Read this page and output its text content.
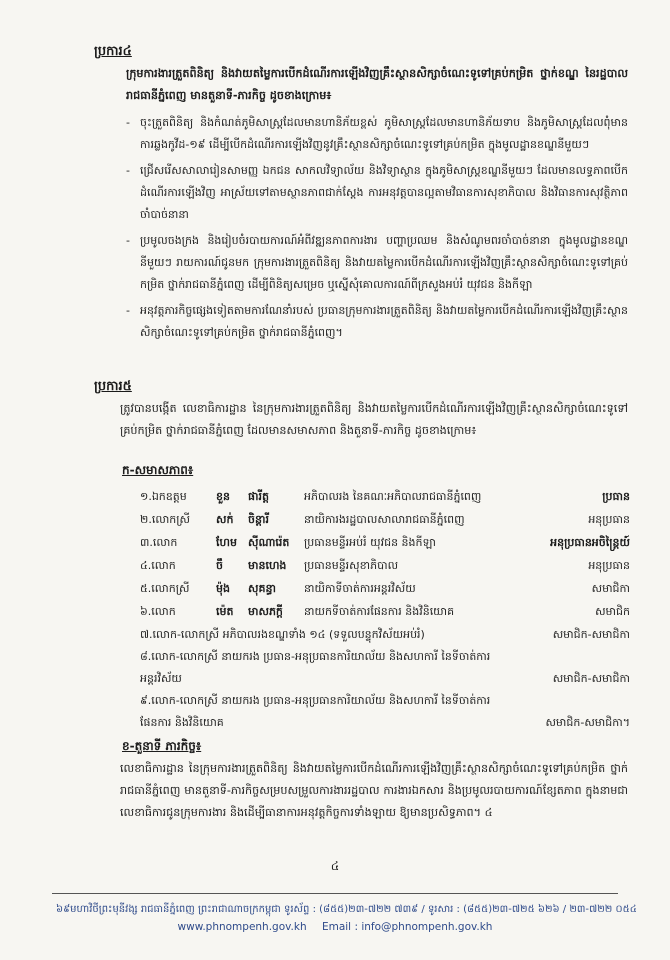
ប្រការ៤
ក្រុមការងារត្រួតពិនិត្យ និងវាយតម្លៃការបើកដំណើរការឡើងវិញគ្រឹះស្ថានសិក្សាចំណេះទូទៅគ្រប់កម្រិត ថ្នាក់ខណ្ឌ នៃរដ្ឋបាលរាជធានីភ្នំពេញ មានតួនាទី-ភារកិច្ច ដូចខាងក្រោម៖
- ចុះត្រួតពិនិត្យ និងកំណត់ភូមិសាស្ត្រដែលមានហានិភ័យខ្ពស់ ភូមិសាស្ត្រដែលមានហានិភ័យទាប និងភូមិសាស្ត្រដែលពុំមានការឆ្លងកូវីដ-១៩ ដើម្បីបើកដំណើរការឡើងវិញនូវគ្រឹះស្ថានសិក្សាចំណេះទូទៅគ្រប់កម្រិត ក្នុងមូលដ្ឋានខណ្ឌនីមួយៗ
- ជ្រើសរើសសាលារៀនសាមញ្ញ ឯកជន សាកលវិទ្យាល័យ និងវិទ្យាស្ថាន ក្នុងភូមិសាស្ត្រខណ្ឌនីមួយៗ ដែលមានលទ្ធភាពបើកដំណើរការឡើងវិញ អាស្រ័យទៅតាមស្ថានភាពជាក់ស្តែង ការអនុវត្តបានល្អតាមវិធានការសុខាភិបាល និងវិធានការសុវត្ថិភាពចាំបាច់នានា
- ប្រមូលចងក្រង និងរៀបចំរបាយការណ៍អំពីវឌ្ឍនភាពការងារ បញ្ហាប្រឈម និងសំណូមពរចាំបាច់នានា ក្នុងមូលដ្ឋានខណ្ឌនីមួយៗ រាយការណ៍ជូនមក ក្រុមការងារត្រួតពិនិត្យ និងវាយតម្លៃការបើកដំណើរការឡើងវិញគ្រឹះស្ថានសិក្សាចំណេះទូទៅគ្រប់កម្រិត ថ្នាក់រាជធានីភ្នំពេញ ដើម្បីពិនិត្យសម្រេច ឬស្នើសុំគោលការណ៍ពីក្រសួងអប់រំ យុវជន និងកីឡា
- អនុវត្តភារកិច្ចផ្សេងទៀតតាមការណែនាំរបស់ ប្រធានក្រុមការងារត្រួតពិនិត្យ និងវាយតម្លៃការបើកដំណើរការឡើងវិញគ្រឹះស្ថានសិក្សាចំណេះទូទៅគ្រប់កម្រិត ថ្នាក់រាជធានីភ្នំពេញ។
ប្រការ៥
ត្រូវបានបង្កើត លេខាធិការដ្ឋាន នៃក្រុមការងារត្រួតពិនិត្យ និងវាយតម្លៃការបើកដំណើរការឡើងវិញគ្រឹះស្ថានសិក្សាចំណេះទូទៅគ្រប់កម្រិត ថ្នាក់រាជធានីភ្នំពេញ ដែលមានសមាសភាព និងតួនាទី-ភារកិច្ច ដូចខាងក្រោម៖
ក-សមាសភាព៖
១.ឯកឧត្តម	ខួន	ផារីត្ត	អភិបាលរង នៃគណៈអភិបាលរាជធានីភ្នំពេញ	ប្រធាន
២.លោកស្រី	សក់	ចិន្តារី	នាយិការងរដ្ឋបាលសាលារាជធានីភ្នំពេញ	អនុប្រធាន
៣.លោក	ហែម	ស៊ីណារ៉េត	ប្រធានមន្ទីរអប់រំ យុវជន និងកីឡា	អនុប្រធានអចិន្ត្រៃយ៍
៤.លោក	ចឹ	មានហេង	ប្រធានមន្ទីរសុខាភិបាល	អនុប្រធាន
៥.លោកស្រី	ម៉ុង	សុគន្ធា	នាយិកាទីចាត់ការអន្តរវិស័យ	សមាជិកា
៦.លោក	ម៉េត	មាសភក្តី	នាយកទីចាត់ការផែនការ និងវិនិយោគ	សមាជិក
៧.លោក-លោកស្រី អភិបាលរងខណ្ឌទាំង ១៤ (ទទួលបន្ទុកវិស័យអប់រំ)	សមាជិក-សមាជិកា
៨.លោក-លោកស្រី នាយករង ប្រធាន-អនុប្រធានការិយាល័យ និងសហការី នៃទីចាត់ការអន្តរវិស័យ	សមាជិក-សមាជិកា
៩.លោក-លោកស្រី នាយករង ប្រធាន-អនុប្រធានការិយាល័យ និងសហការី នៃទីចាត់ការផែនការ និងវិនិយោគ	សមាជិក-សមាជិកា។
ខ-តួនាទី ភារកិច្ច៖
លេខាធិការដ្ឋាន នៃក្រុមការងារត្រួតពិនិត្យ និងវាយតម្លៃការបើកដំណើរការឡើងវិញគ្រឹះស្ថានសិក្សាចំណេះទូទៅគ្រប់កម្រិត ថ្នាក់រាជធានីភ្នំពេញ មានតួនាទី-ភារកិច្ចសម្របសម្រួលការងាររដ្ឋបាល ការងារឯកសារ និងប្រមូលរបាយការណ៍ខ្សែតភាព ក្នុងនាមជាលេខាធិការជូនក្រុមការងារ និងដើម្បីធានាការអនុវត្តកិច្ចការទាំងឡាយ ឱ្យមានប្រសិទ្ធភាព។ ៤
៤
៦៩មហាវិថីព្រះមុនីវង្ស រាជធានីភ្នំពេញ ព្រះរាជាណាចក្រកម្ពុជា ទូរស័ព្ទ : (៨៥៥)២៣-៧២២ ៧៣៩ / ទូរសារ : (៨៥៥)២៣-៧២៥ ៦២៦ / ២៣-៧២២ ០៥៤
www.phnompenh.gov.kh Email : info@phnompenh.gov.kh
